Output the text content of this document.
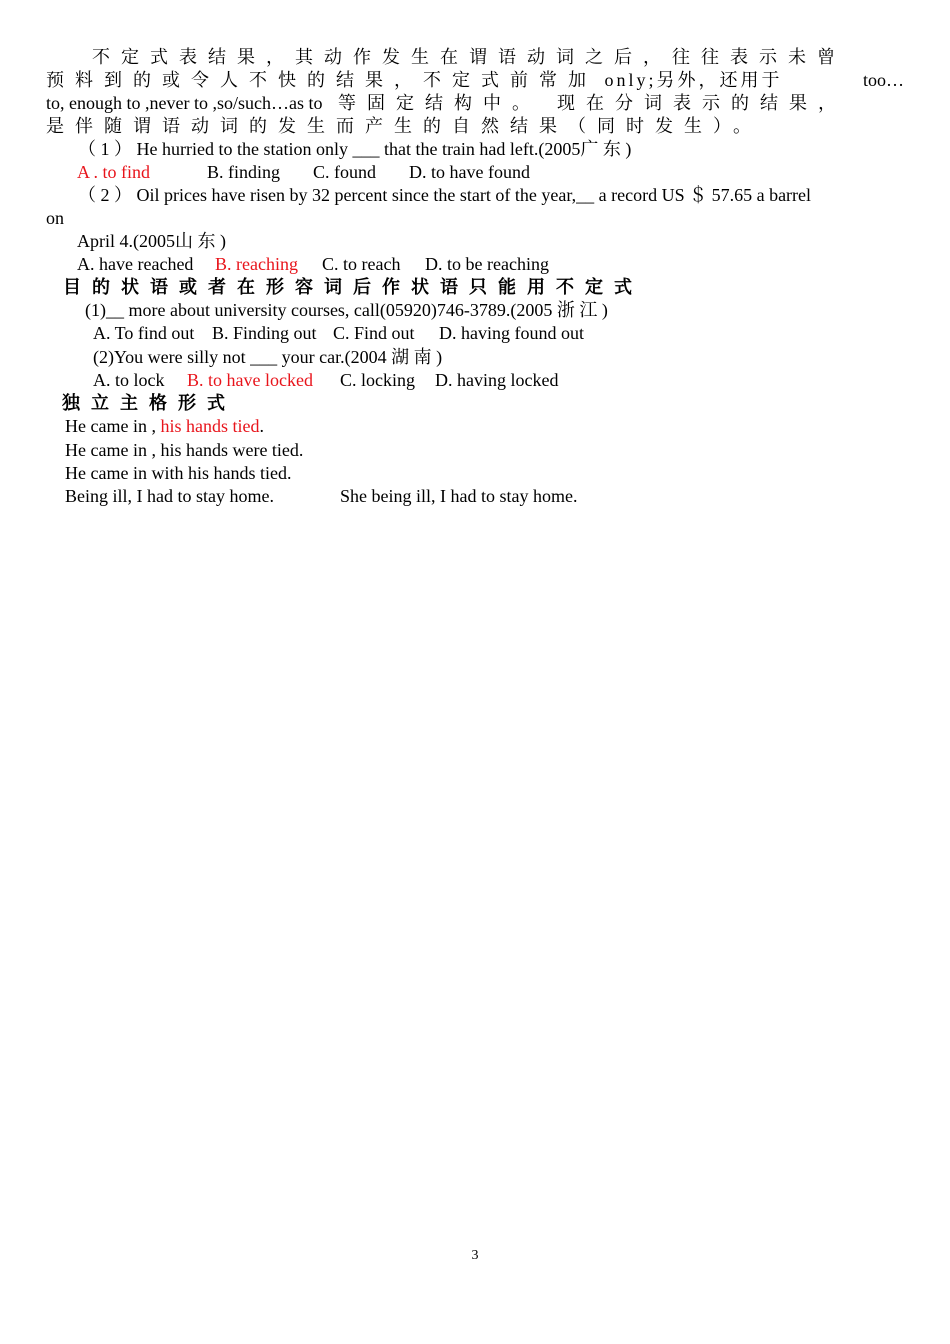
不定式表结果，其动作发生在谓语动词之后，往往表示未曾
预料到的或令人不快的结果，不定式前常加 only;另外，还用于	too…
to, enough to ,never to ,so/such…as to 等固定结构中。 现在分词表示的结果，
是伴随谓语动词的发生而产生的自然结果（同时发生）。
（ 1 ） He hurried to the station only ___ that the train had left.(2005广 东 )
A . to find	B. finding C. found D. to have found
（ 2 ） Oil prices have risen by 32 percent since the start of the year,__ a record US ＄ 57.65 a barrel
on
April 4.(2005山 东 )
A. have reached B. reaching C. to reach D. to be reaching
目的状语或者在形容词后作状语只能用不定式
(1)__ more about university courses, call(05920)746-3789.(2005 浙 江 )
A. To find out B. Finding out C. Find out D. having found out
(2)You were silly not ___ your car.(2004 湖 南 )
A. to lock B. to have locked C. locking D. having locked
独立主格形式
He came in , his hands tied.
He came in , his hands were tied.
He came in with his hands tied.
Being ill, I had to stay home.	She being ill, I had to stay home.
3
